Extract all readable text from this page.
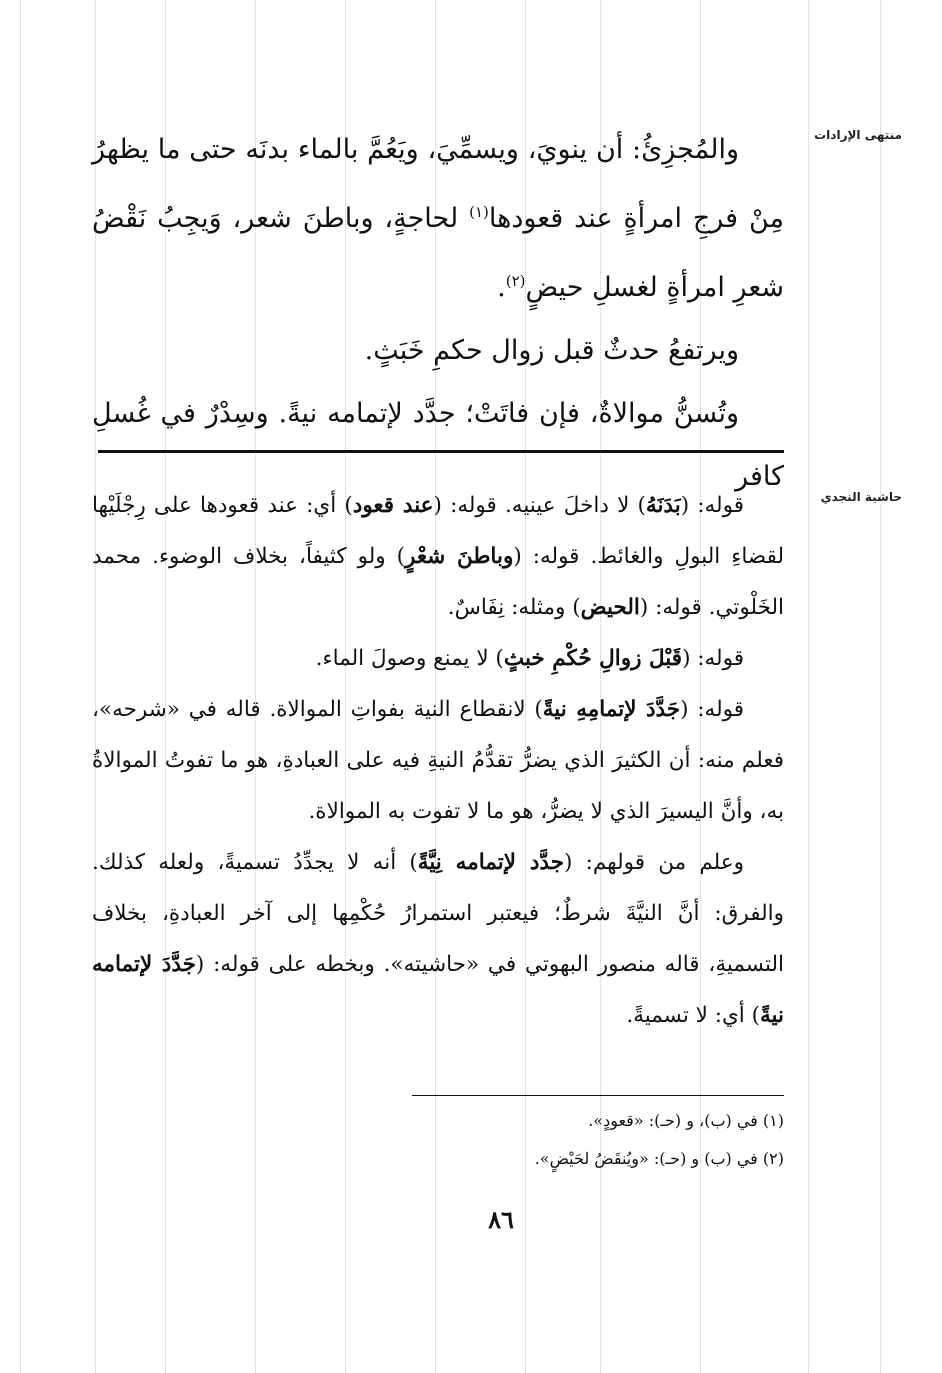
منتهى الإرادات
حاشية النجدي

والمُجزِئُ: أن ينويَ، ويسمِّيَ، ويَعُمَّ بالماء بدنَه حتى ما يظهرُ مِنْ فرجِ امرأةٍ عند قعودها$^{(١)}$ لحاجةٍ، وباطنَ شعر، وَيجِبُ نَقْضُ شعرِ امرأةٍ لغسلِ حيضٍ$^{(٢)}$.

ويرتفعُ حدثٌ قبل زوال حكمِ خَبَثٍ.

وتُسنُّ موالاةٌ، فإن فاتَتْ؛ جدَّد لإتمامه نيةً. وسِدْرٌ في غُسلِ كافر

قوله: (بَدَنَهُ) لا داخلَ عينيه. قوله: (عند قعود) أي: عند قعودها على رِجْلَيْها لقضاءِ البولِ والغائط. قوله: (وباطنَ شعْرٍ) ولو كثيفاً، بخلاف الوضوء. محمد الخَلْوتي. قوله: (الحيض) ومثله: نِفَاسٌ.

قوله: (قَبْلَ زوالِ حُكْمِ خبثٍ) لا يمنع وصولَ الماء.

قوله: (جَدَّدَ لإتمامِهِ نيةً) لانقطاع النية بفواتِ الموالاة. قاله في «شرحه»، فعلم منه: أن الكثيرَ الذي يضرُّ تقدُّمُ النيةِ فيه على العبادةِ، هو ما تفوتُ الموالاةُ به، وأنَّ اليسيرَ الذي لا يضرُّ، هو ما لا تفوت به الموالاة.

وعلم من قولهم: (جدَّد لإتمامه نِيَّةً) أنه لا يجدِّدُ تسميةً، ولعله كذلك. والفرق: أنَّ النيَّةَ شرطٌ؛ فيعتبر استمرارُ حُكْمِها إلى آخر العبادةِ، بخلاف التسميةِ، قاله منصور البهوتي في «حاشيته». وبخطه على قوله: (جَدَّدَ لإتمامه نيةً) أي: لا تسميةً.

(١) في (ب)، و (حـ): «قعودٍ».

(٢) في (ب) و (حـ): «ويُنقَضُ لحَيْضٍ».

٨٦
